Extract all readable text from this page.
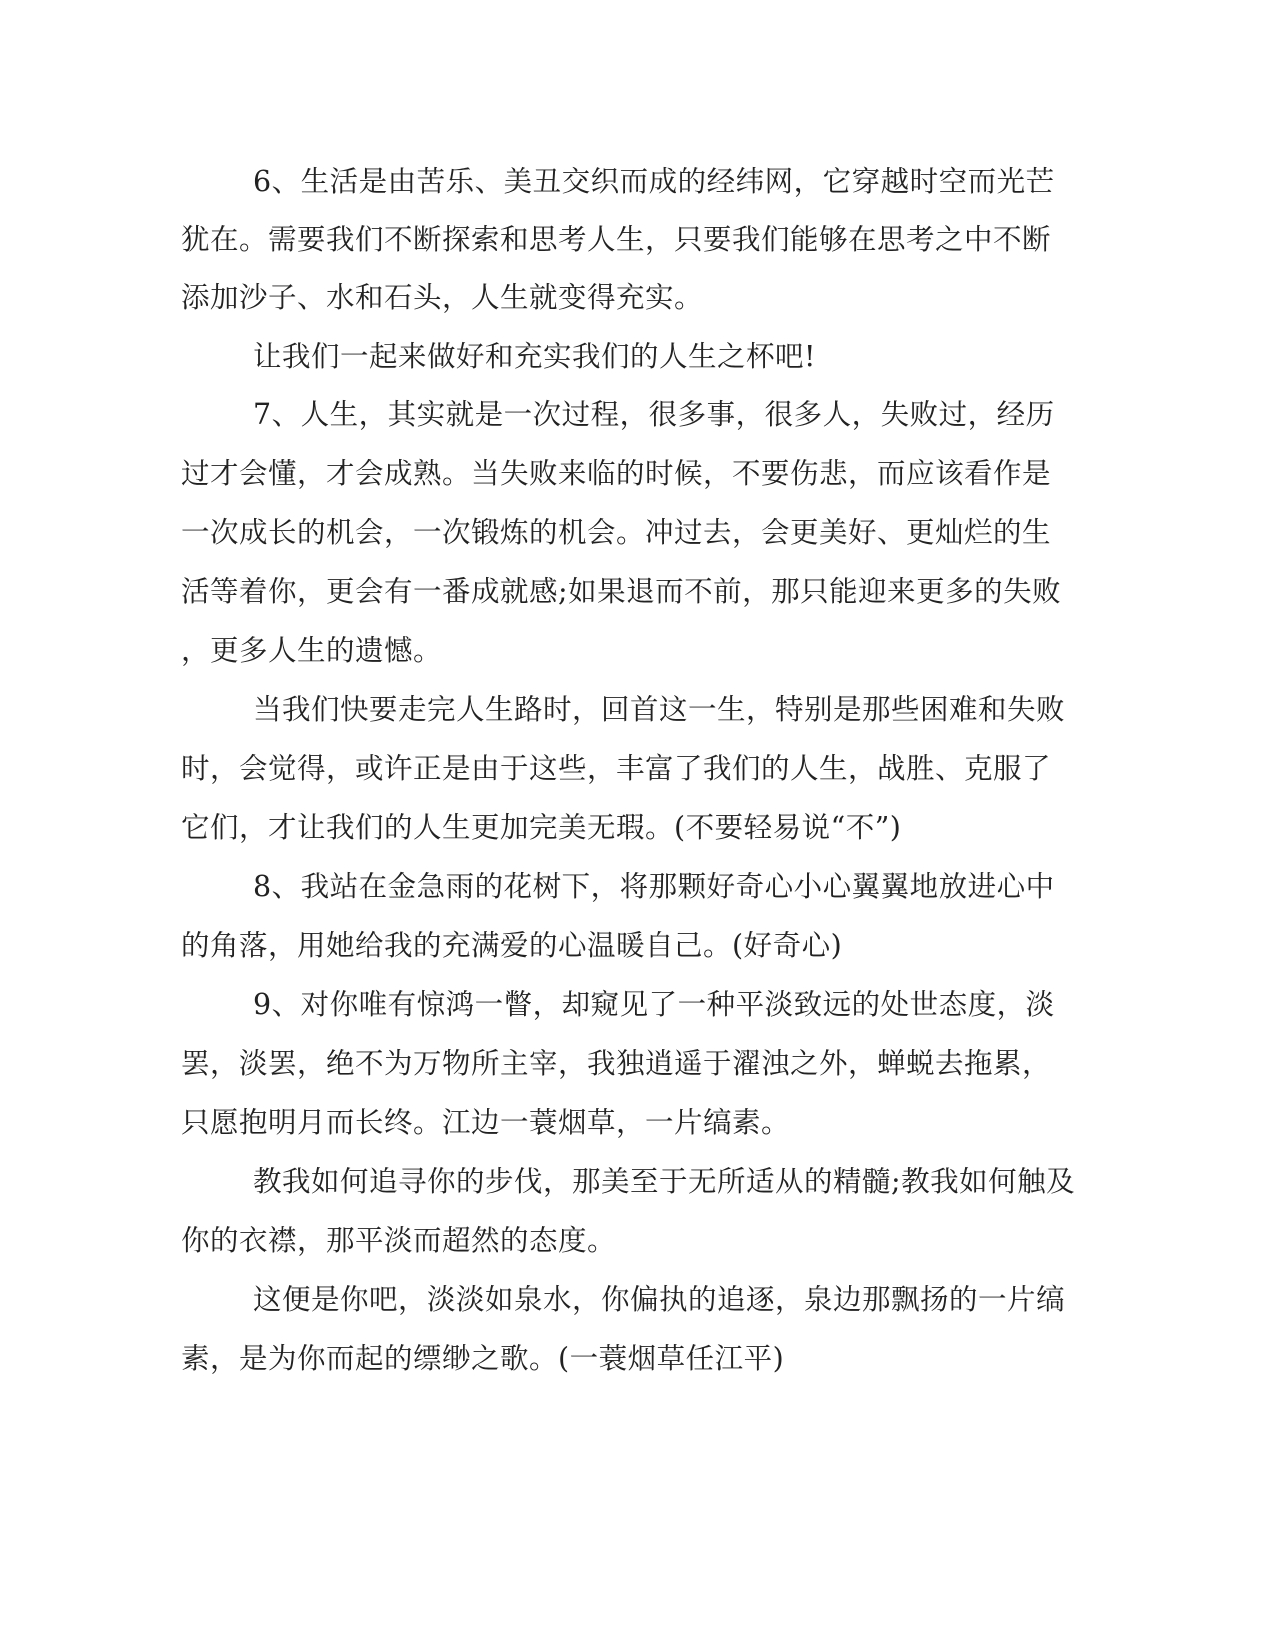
6、生活是由苦乐、美丑交织而成的经纬网，它穿越时空而光芒
犹在。需要我们不断探索和思考人生，只要我们能够在思考之中不断
添加沙子、水和石头，人生就变得充实。
让我们一起来做好和充实我们的人生之杯吧!
7、人生，其实就是一次过程，很多事，很多人，失败过，经历
过才会懂，才会成熟。当失败来临的时候，不要伤悲，而应该看作是
一次成长的机会，一次锻炼的机会。冲过去，会更美好、更灿烂的生
活等着你，更会有一番成就感;如果退而不前，那只能迎来更多的失败
，更多人生的遗憾。
当我们快要走完人生路时，回首这一生，特别是那些困难和失败
时，会觉得，或许正是由于这些，丰富了我们的人生，战胜、克服了
它们，才让我们的人生更加完美无瑕。(不要轻易说“不”)
8、我站在金急雨的花树下，将那颗好奇心小心翼翼地放进心中
的角落，用她给我的充满爱的心温暖自己。(好奇心)
9、对你唯有惊鸿一瞥，却窥见了一种平淡致远的处世态度，淡
罢，淡罢，绝不为万物所主宰，我独逍遥于濯浊之外，蝉蜕去拖累，
只愿抱明月而长终。江边一蓑烟草，一片缟素。
教我如何追寻你的步伐，那美至于无所适从的精髓;教我如何触及
你的衣襟，那平淡而超然的态度。
这便是你吧，淡淡如泉水，你偏执的追逐，泉边那飘扬的一片缟
素，是为你而起的缥缈之歌。(一蓑烟草任江平)
